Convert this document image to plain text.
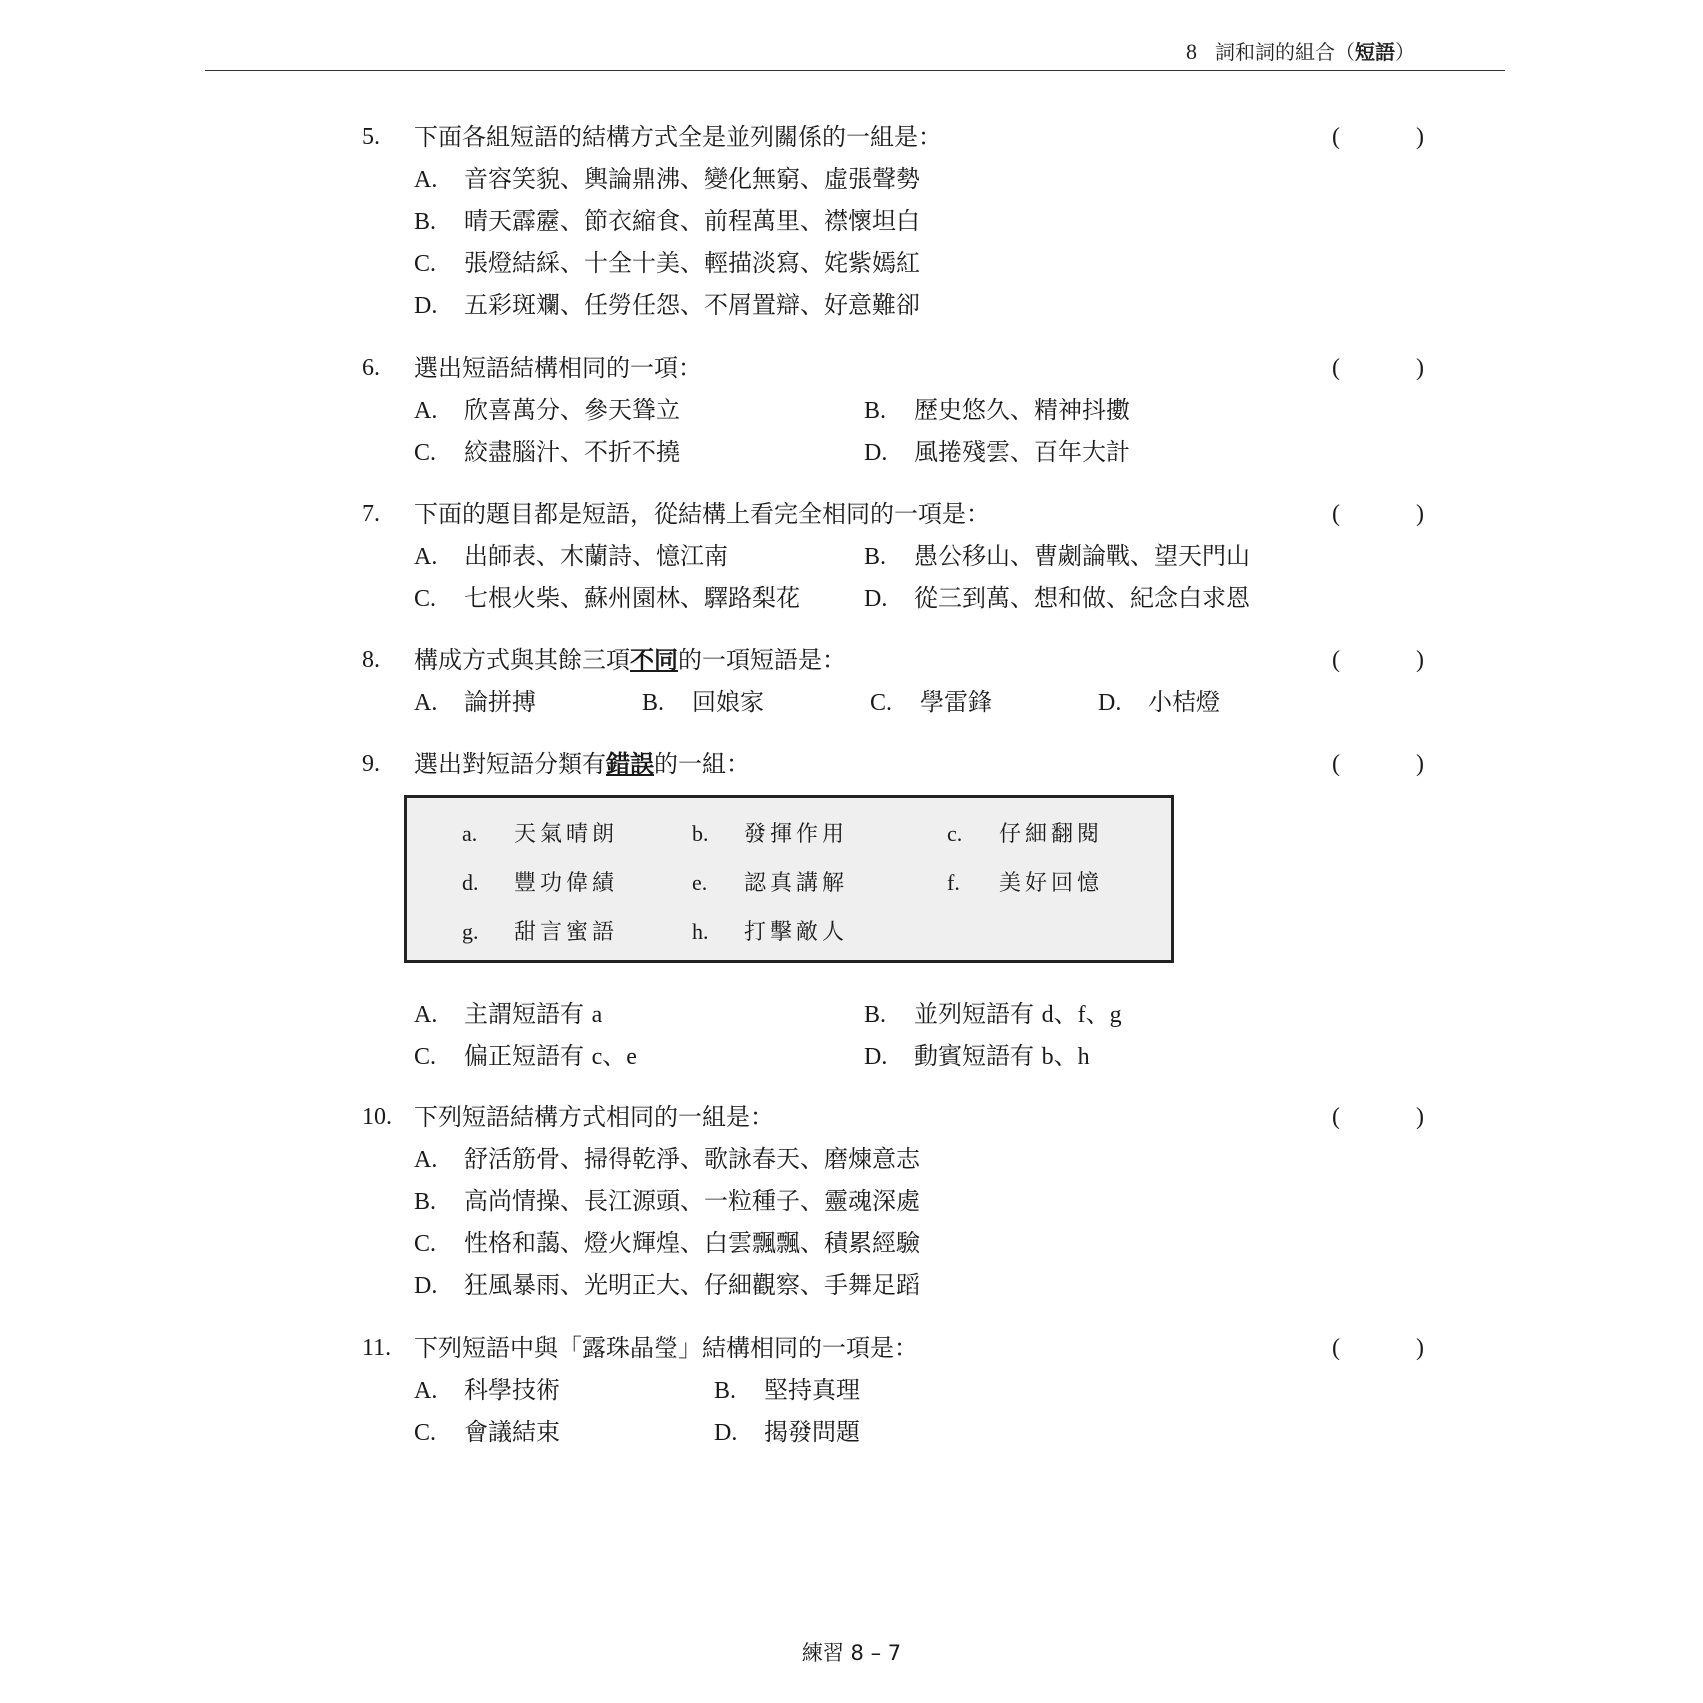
8 詞和詞的組合（短語）
5.	下面各組短語的結構方式全是並列關係的一組是：	(	)
A. 音容笑貌、輿論鼎沸、變化無窮、虛張聲勢
B. 晴天霹靂、節衣縮食、前程萬里、襟懷坦白
C. 張燈結綵、十全十美、輕描淡寫、姹紫嫣紅
D. 五彩斑斕、任勞任怨、不屑置辯、好意難卻
6.	選出短語結構相同的一項：	(	)
A. 欣喜萬分、參天聳立	B. 歷史悠久、精神抖擻
C. 絞盡腦汁、不折不撓	D. 風捲殘雲、百年大計
7.	下面的題目都是短語，從結構上看完全相同的一項是：	(	)
A. 出師表、木蘭詩、憶江南	B. 愚公移山、曹劌論戰、望天門山
C. 七根火柴、蘇州園林、驛路梨花	D. 從三到萬、想和做、紀念白求恩
8.	構成方式與其餘三項不同的一項短語是：	(	)
A. 論拼搏	B. 回娘家	C. 學雷鋒	D. 小桔燈
9.	選出對短語分類有錯誤的一組：	(	)
a. 天氣晴朗	b. 發揮作用	c. 仔細翻閱
d. 豐功偉績	e. 認真講解	f. 美好回憶
g. 甜言蜜語	h. 打擊敵人
A. 主謂短語有 a	B. 並列短語有 d、f、g
C. 偏正短語有 c、e	D. 動賓短語有 b、h
10. 下列短語結構方式相同的一組是：	(	)
A. 舒活筋骨、掃得乾淨、歌詠春天、磨煉意志
B. 高尚情操、長江源頭、一粒種子、靈魂深處
C. 性格和藹、燈火輝煌、白雲飄飄、積累經驗
D. 狂風暴雨、光明正大、仔細觀察、手舞足蹈
11. 下列短語中與「露珠晶瑩」結構相同的一項是：	(	)
A. 科學技術	B. 堅持真理
C. 會議結束	D. 揭發問題
練習 8 – 7
